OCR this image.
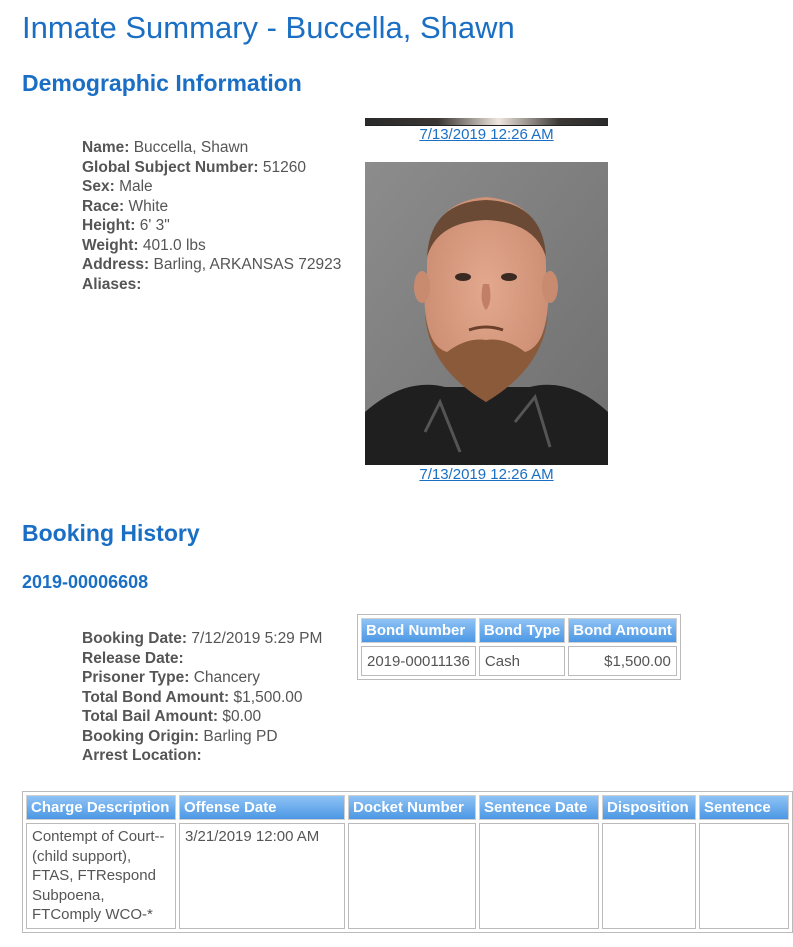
Inmate Summary - Buccella, Shawn
Demographic Information
Name: Buccella, Shawn
Global Subject Number: 51260
Sex: Male
Race: White
Height: 6' 3"
Weight: 401.0 lbs
Address: Barling, ARKANSAS 72923
Aliases:
7/13/2019 12:26 AM
7/13/2019 12:26 AM
Booking History
2019-00006608
Booking Date: 7/12/2019 5:29 PM
Release Date:
Prisoner Type: Chancery
Total Bond Amount: $1,500.00
Total Bail Amount: $0.00
Booking Origin: Barling PD
Arrest Location:
Bond Number	Bond Type	Bond Amount
2019-00011136	Cash	$1,500.00
Charge Description	Offense Date	Docket Number	Sentence Date	Disposition	Sentence
Contempt of Court--(child support), FTAS, FTRespond Subpoena, FTComply WCO-*	3/21/2019 12:00 AM				
